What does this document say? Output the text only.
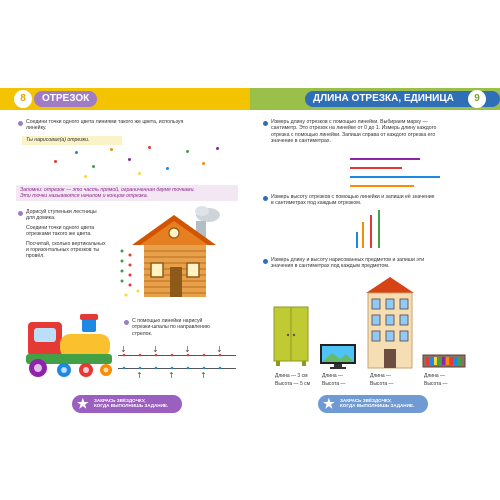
8	ОТРЕЗОК	ДЛИНА ОТРЕЗКА, ЕДИНИЦА ДЛИНЫ
9
Соедини точки одного цвета линиями такого же цвета, используя
линейку.
Ты нарисовал(а) отрезки.
Запомни: отрезок — это часть прямой, ограниченная двумя точками.
Эти точки называются началом и концом отрезка.
Дорисуй ступеньки лестницы
для домика.
Соедини точки одного цвета
отрезками такого же цвета.
Посчитай, сколько вертикальных
и горизонтальных отрезков ты
провёл.
С помощью линейки нарисуй
отрезки-шпалы по направлению
стрелок.
↓
↑
↓
↑
↓
↑
↓
★ ЗАКРАСЬ ЗВЁЗДОЧКУ,
КОГДА ВЫПОЛНИШЬ ЗАДАНИЕ.
Измерь длину отрезков с помощью линейки. Выбираем марку —
сантиметр. Это отрезок на линейке от 0 до 1. Измерь длину каждого
отрезка с помощью линейки. Запиши справа от каждого отрезка его
значение в сантиметрах.
Измерь высоту отрезков с помощью линейки и запиши её значение
в сантиметрах под каждым отрезком.
Измерь длину и высоту нарисованных предметов и запиши эти
значения в сантиметрах под каждым предметом.
Длина — 3 см
Высота — 5 см
Длина —
Высота —
Длина —
Высота —
Длина —
Высота —
★ ЗАКРАСЬ ЗВЁЗДОЧКУ,
КОГДА ВЫПОЛНИШЬ ЗАДАНИЕ.
